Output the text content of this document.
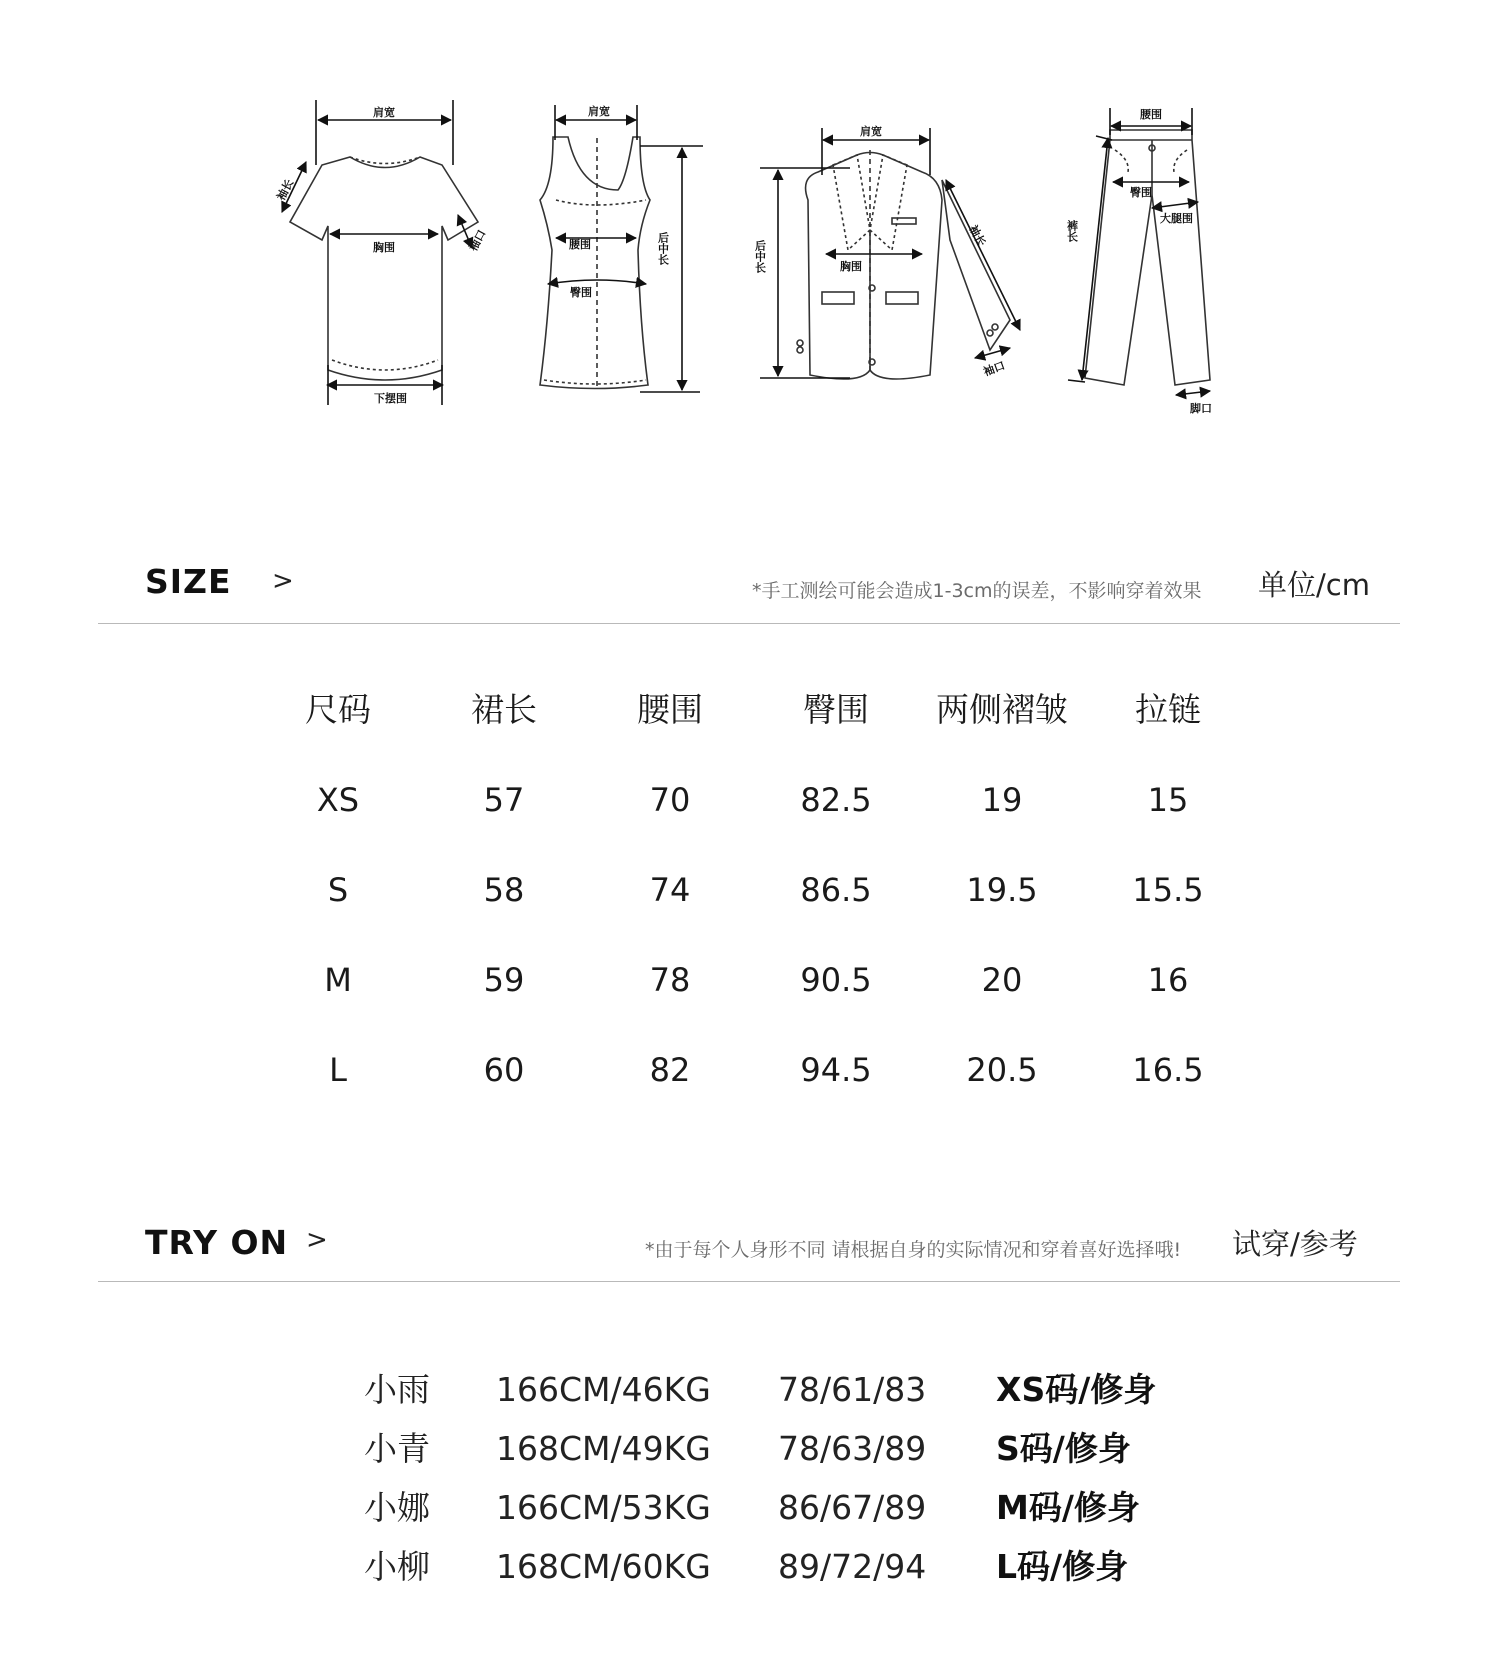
肩宽
袖长
胸围	袖口
下摆围
肩宽
腰围
臀围
后中长
肩宽
后中长	胸围
袖长
袖口
腰围
臀围
大腿围
裤长
脚口
SIZE >	*手工测绘可能会造成1-3cm的误差，不影响穿着效果 单位/cm
尺码	裙长	腰围	臀围	两侧褶皱	拉链
XS	57	70	82.5	19	15
S	58	74	86.5	19.5	15.5
M	59	78	90.5	20	16
L	60	82	94.5	20.5	16.5
TRY ON >	*由于每个人身形不同 请根据自身的实际情况和穿着喜好选择哦! 试穿/参考
小雨 166CM/46KG 78/61/83 XS码/修身
小青 168CM/49KG 78/63/89 S码/修身
小娜 166CM/53KG 86/67/89 M码/修身
小柳 168CM/60KG 89/72/94 L码/修身
